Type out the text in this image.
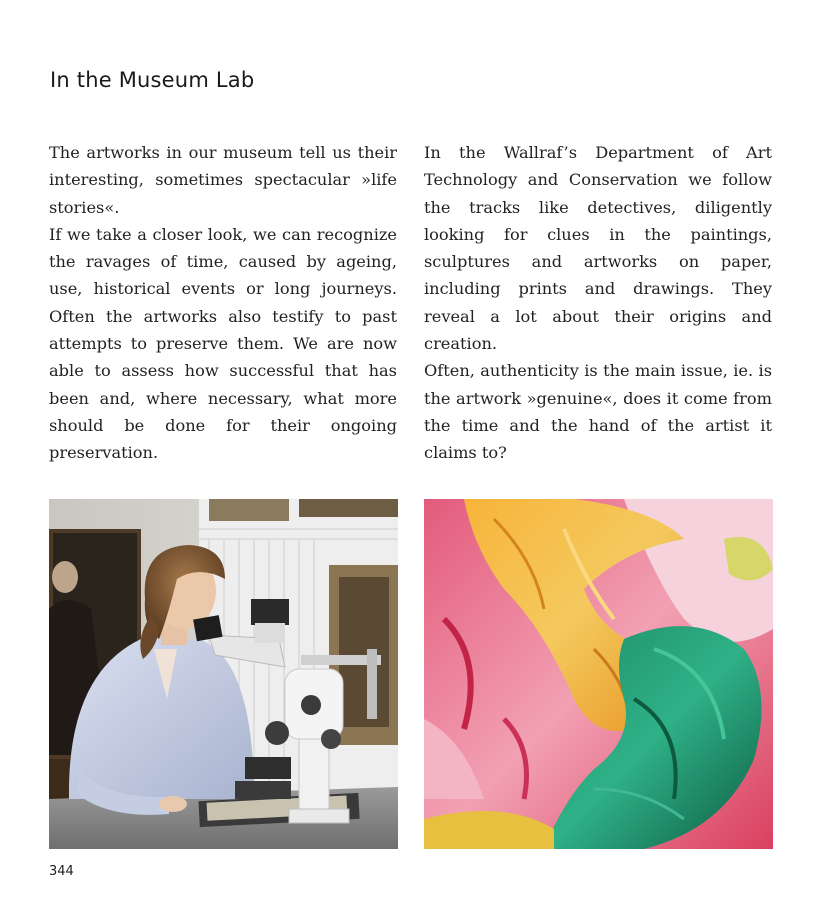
In the Museum Lab

The artworks in our museum tell us their interesting, sometimes spectacular »life stories«.

If we take a closer look, we can recognize the ravages of time, caused by ageing, use, historical events or long journeys. Often the artworks also testify to past attempts to preserve them. We are now able to assess how successful that has been and, where necessary, what more should be done for their ongoing preservation.

In the Wallraf’s Department of Art Technology and Conservation we follow the tracks like detectives, diligently looking for clues in the paintings, sculptures and artworks on paper, including prints and drawings. They reveal a lot about their origins and creation.

Often, authenticity is the main issue, ie. is the artwork »genuine«, does it come from the time and the hand of the artist it claims to?

344
